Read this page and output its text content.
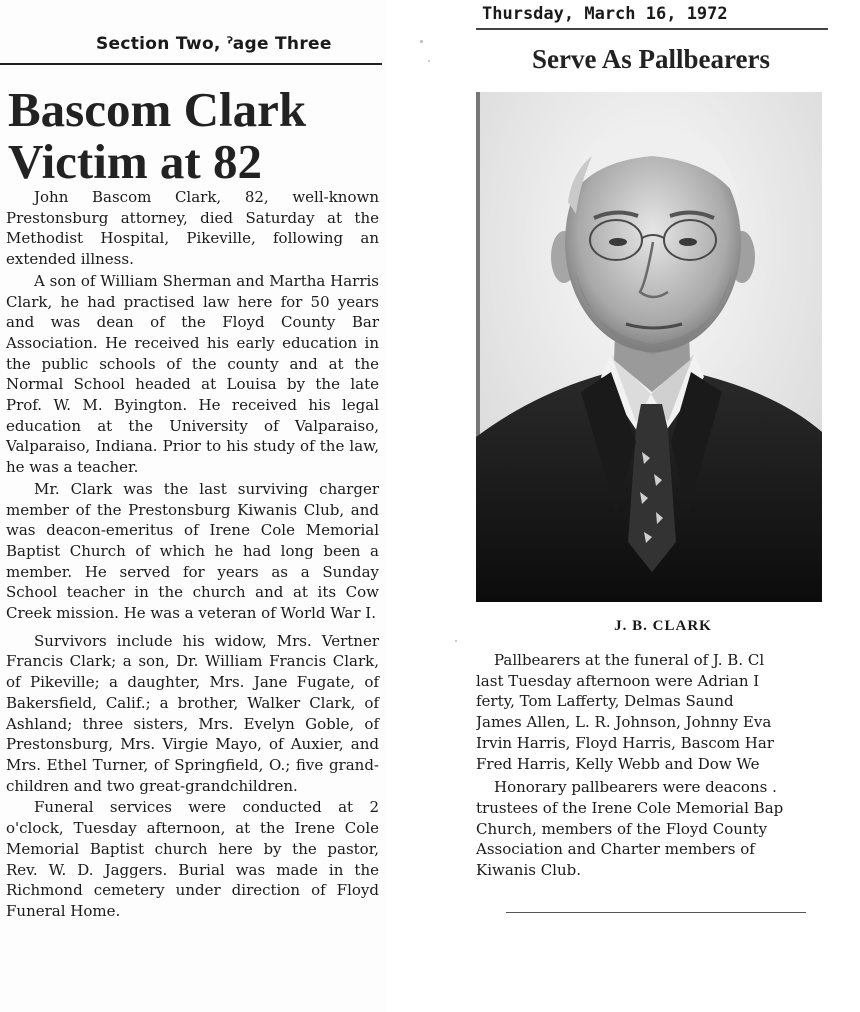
Section Two, ˀage Three
Bascom Clark
Victim at 82

John Bascom Clark, 82, well-known Prestonsburg attorney, died Saturday at the Methodist Hospital, Pikeville, following an extended illness.

A son of William Sherman and Martha Harris Clark, he had practised law here for 50 years and was dean of the Floyd County Bar Association. He received his early education in the public schools of the county and at the Normal School headed at Louisa by the late Prof. W. M. Byington. He received his legal education at the University of Valparaiso, Valparaiso, Indiana. Prior to his study of the law, he was a teacher.

Mr. Clark was the last surviving charger member of the Prestonsburg Kiwanis Club, and was deacon-emeritus of Irene Cole Memorial Baptist Church of which he had long been a member. He served for years as a Sunday School teacher in the church and at its Cow Creek mission. He was a veteran of World War I.

Survivors include his widow, Mrs. Vertner Francis Clark; a son, Dr. William Francis Clark, of Pikeville; a daughter, Mrs. Jane Fugate, of Bakersfield, Calif.; a brother, Walker Clark, of Ashland; three sisters, Mrs. Evelyn Goble, of Prestonsburg, Mrs. Virgie Mayo, of Auxier, and Mrs. Ethel Turner, of Springfield, O.; five grand-children and two great-grandchildren.

Funeral services were conducted at 2 o'clock, Tuesday afternoon, at the Irene Cole Memorial Baptist church here by the pastor, Rev. W. D. Jaggers. Burial was made in the Richmond cemetery under direction of Floyd Funeral Home.

Thursday, March 16, 1972
Serve As Pallbearers
J. B. CLARK
Pallbearers at the funeral of J. B. Cl
last Tuesday afternoon were Adrian I
ferty, Tom Lafferty, Delmas Saund
James Allen, L. R. Johnson, Johnny Eva
Irvin Harris, Floyd Harris, Bascom Har
Fred Harris, Kelly Webb and Dow We
Honorary pallbearers were deacons .
trustees of the Irene Cole Memorial Bap
Church, members of the Floyd County
Association and Charter members of
Kiwanis Club.
